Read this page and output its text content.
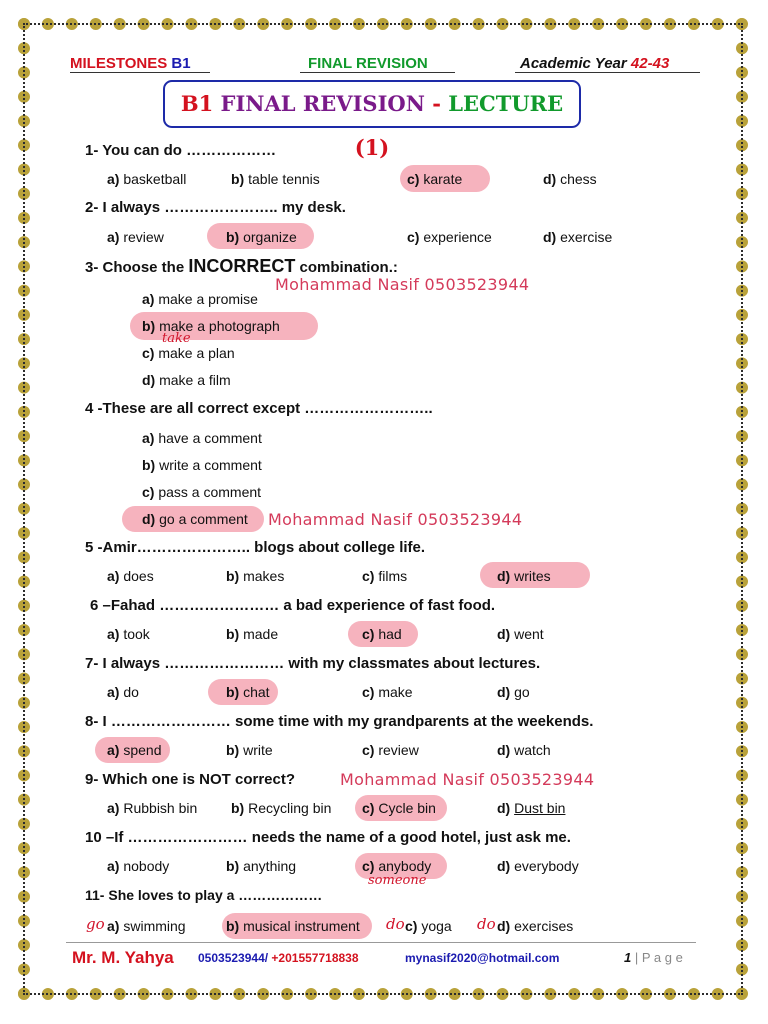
MILESTONES B1	FINAL REVISION	Academic Year 42-43
B1 FINAL REVISION - LECTURE (1)
1- You can do ………………
a) basketball	b) table tennis	c) karate	d) chess
2- I always ………………….. my desk.
a) review	b) organize	c) experience	d) exercise
3- Choose the INCORRECT combination.:
Mohammad Nasif 0503523944
a) make a promise
b) make a photograph
take
c) make a plan
d) make a film
4 -These are all correct except ……………………..
a) have a comment
b) write a comment
c) pass a comment
d) go a comment Mohammad Nasif 0503523944
5 -Amir………………….. blogs about college life.
a) does	b) makes	c) films	d) writes
6 –Fahad …………………… a bad experience of fast food.
a) took	b) made	c) had	d) went
7- I always …………………… with my classmates about lectures.
a) do	b) chat	c) make	d) go
8- I …………………… some time with my grandparents at the weekends.
a) spend	b) write	c) review	d) watch
9- Which one is NOT correct?	Mohammad Nasif 0503523944
a) Rubbish bin b) Recycling bin c) Cycle bin	d) Dust bin
10 –If …………………… needs the name of a good hotel, just ask me.
a) nobody	b) anything	c) anybody	d) everybody
someone
11- She loves to play a ………………
go a) swimming	b) musical instrument do c) yoga do d) exercises
Mr. M. Yahya 0503523944/ +201557718838	mynasif2020@hotmail.com	1 | P a g e
